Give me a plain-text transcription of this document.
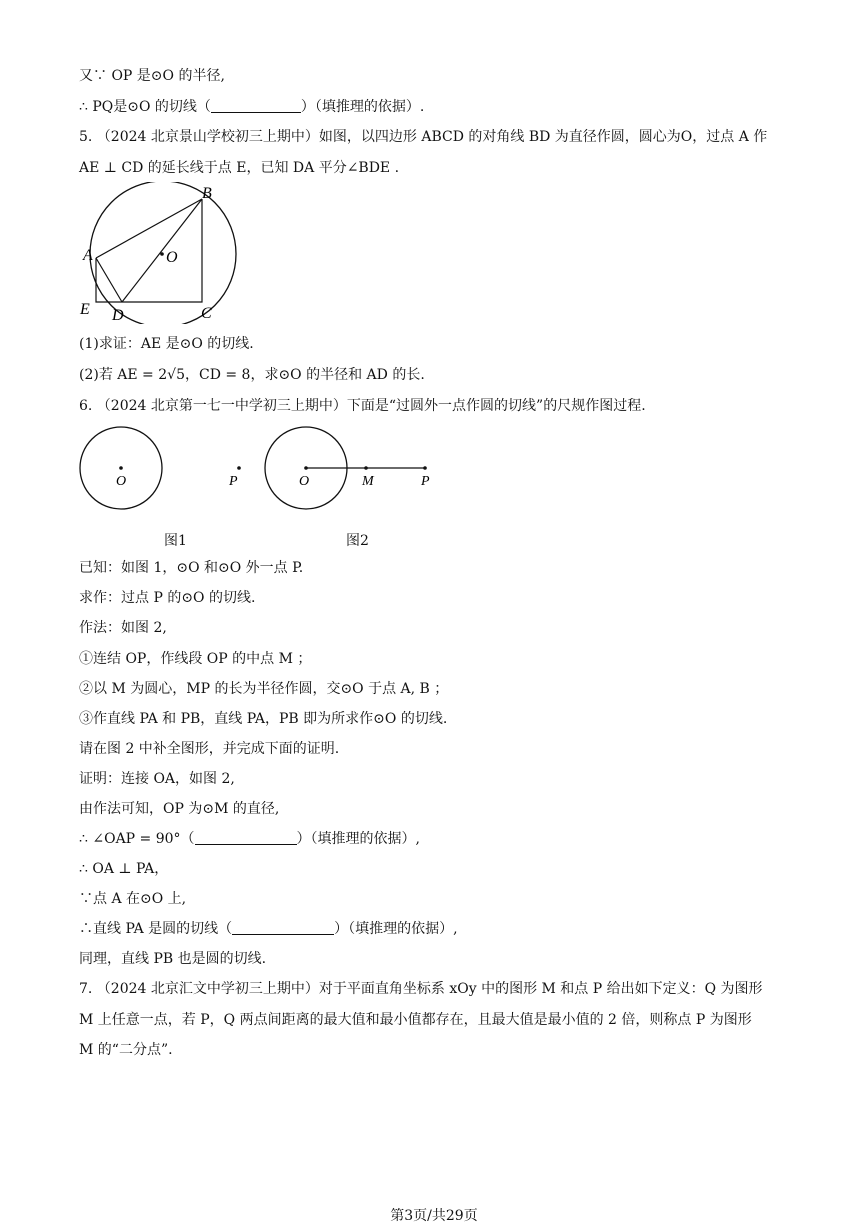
又∵ OP 是⊙O 的半径,
∴ PQ是⊙O 的切线（	）（填推理的依据）.
5. （2024 北京景山学校初三上期中）如图，以四边形 ABCD 的对角线 BD 为直径作圆，圆心为O，过点 A 作
AE ⊥ CD 的延长线于点 E，已知 DA 平分∠BDE .
B
A	O
E D	C
(1)求证：AE 是⊙O 的切线.
(2)若 AE = 2√5，CD = 8，求⊙O 的半径和 AD 的长.
6. （2024 北京第一七一中学初三上期中）下面是“过圆外一点作圆的切线”的尺规作图过程.
O	P	O	M	P
图1	图2
已知：如图 1，⊙O 和⊙O 外一点 P.
求作：过点 P 的⊙O 的切线.
作法：如图 2,
①连结 OP，作线段 OP 的中点 M ；
②以 M 为圆心，MP 的长为半径作圆，交⊙O 于点 A, B ；
③作直线 PA 和 PB，直线 PA，PB 即为所求作⊙O 的切线.
请在图 2 中补全图形，并完成下面的证明.
证明：连接 OA，如图 2,
由作法可知，OP 为⊙M 的直径,
∴ ∠OAP = 90°（	）（填推理的依据）,
∴ OA ⊥ PA，
∵点 A 在⊙O 上,
∴直线 PA 是圆的切线（	）（填推理的依据）,
同理，直线 PB 也是圆的切线.
7. （2024 北京汇文中学初三上期中）对于平面直角坐标系 xOy 中的图形 M 和点 P 给出如下定义：Q 为图形
M 上任意一点，若 P，Q 两点间距离的最大值和最小值都存在，且最大值是最小值的 2 倍，则称点 P 为图形
M 的“二分点”.
第3页/共29页
